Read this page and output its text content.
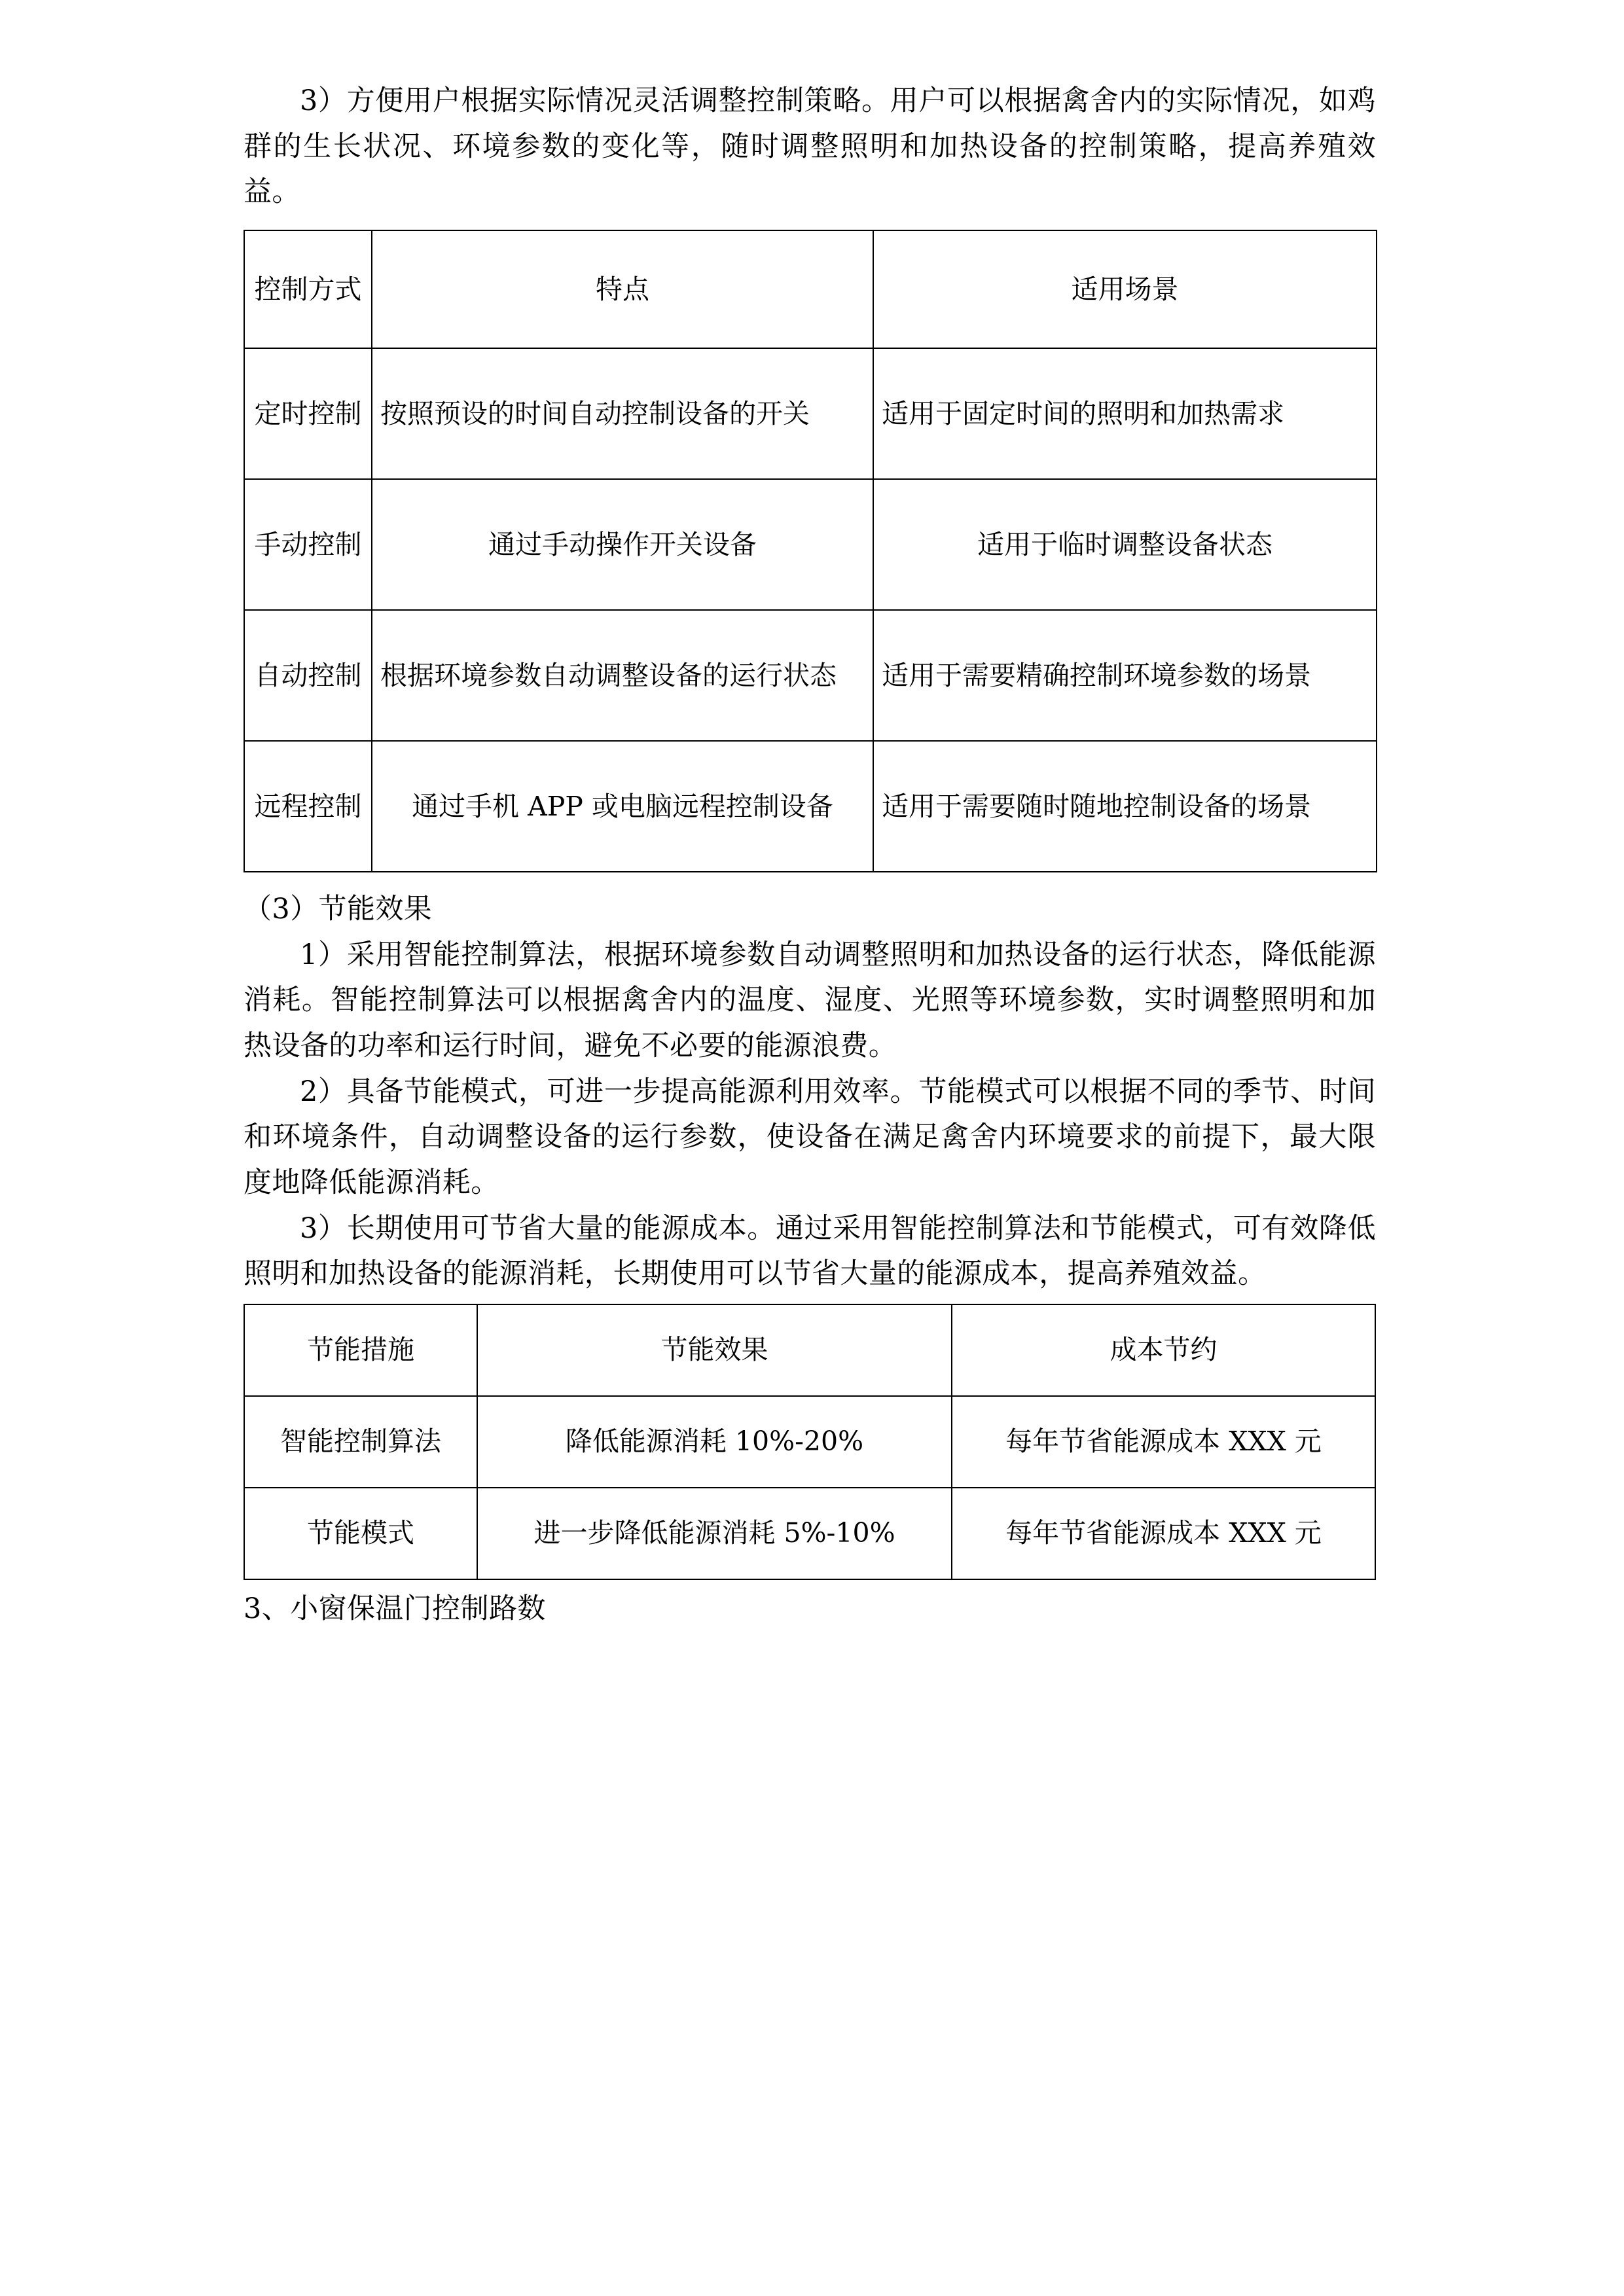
3）方便用户根据实际情况灵活调整控制策略。用户可以根据禽舍内的实际情况，如鸡群的生长状况、环境参数的变化等，随时调整照明和加热设备的控制策略，提高养殖效益。

控制方式	特点	适用场景
定时控制	按照预设的时间自动控制设备的开关	适用于固定时间的照明和加热需求
手动控制	通过手动操作开关设备	适用于临时调整设备状态
自动控制	根据环境参数自动调整设备的运行状态	适用于需要精确控制环境参数的场景
远程控制	通过手机 APP 或电脑远程控制设备	适用于需要随时随地控制设备的场景

（3）节能效果

1）采用智能控制算法，根据环境参数自动调整照明和加热设备的运行状态，降低能源消耗。智能控制算法可以根据禽舍内的温度、湿度、光照等环境参数，实时调整照明和加热设备的功率和运行时间，避免不必要的能源浪费。

2）具备节能模式，可进一步提高能源利用效率。节能模式可以根据不同的季节、时间和环境条件，自动调整设备的运行参数，使设备在满足禽舍内环境要求的前提下，最大限度地降低能源消耗。

3）长期使用可节省大量的能源成本。通过采用智能控制算法和节能模式，可有效降低照明和加热设备的能源消耗，长期使用可以节省大量的能源成本，提高养殖效益。

节能措施	节能效果	成本节约
智能控制算法	降低能源消耗 10%-20%	每年节省能源成本 XXX 元
节能模式	进一步降低能源消耗 5%-10%	每年节省能源成本 XXX 元

3、小窗保温门控制路数
